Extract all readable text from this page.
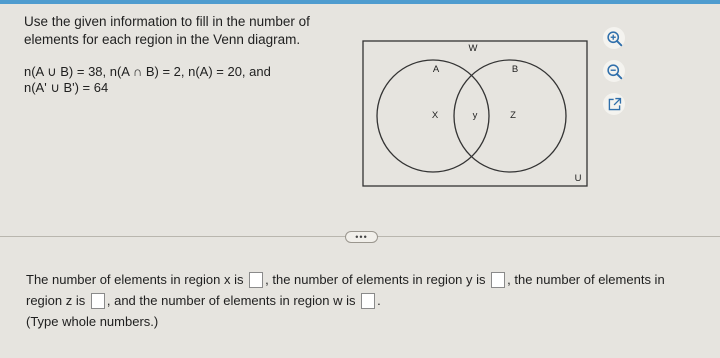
Use the given information to fill in the number of elements for each region in the Venn diagram.
n(A ∪ B) = 38, n(A ∩ B) = 2, n(A) = 20, and
n(A' ∪ B') = 64
W
A	B
X	y	Z
U
•••
The number of elements in region x is , the number of elements in region y is , the number of elements in
region z is , and the number of elements in region w is .
(Type whole numbers.)
